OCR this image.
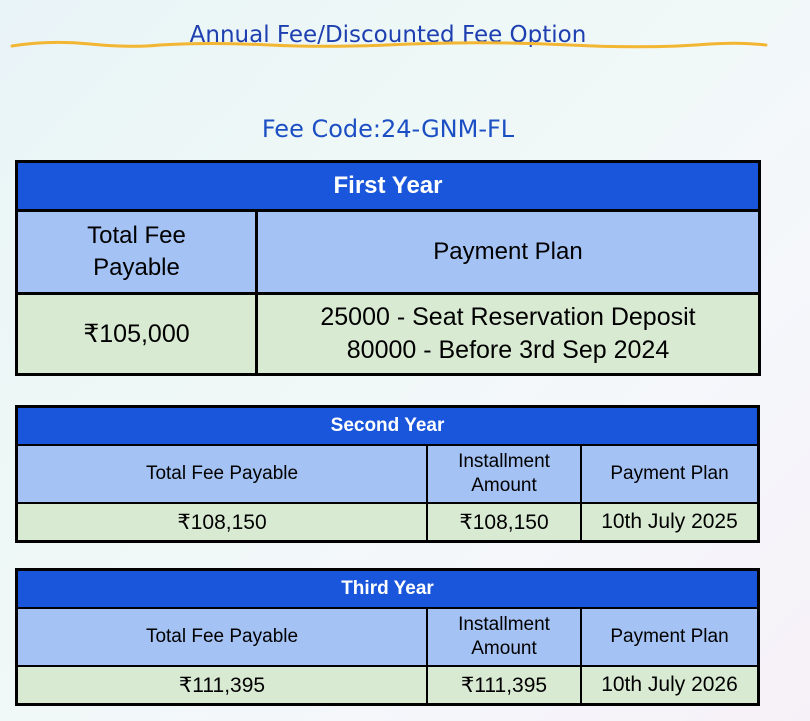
Annual Fee/Discounted Fee Option
Fee Code:24-GNM-FL
First Year	

Total Fee Payable	Payment Plan
₹105,000	25000 - Seat Reservation Deposit
80000 - Before 3rd Sep 2024
Second Year		
Total Fee Payable	Installment Amount	Payment Plan
₹108,150	₹108,150	10th July 2025
Third Year		
Total Fee Payable	Installment Amount	Payment Plan
₹111,395	₹111,395	10th July 2026
